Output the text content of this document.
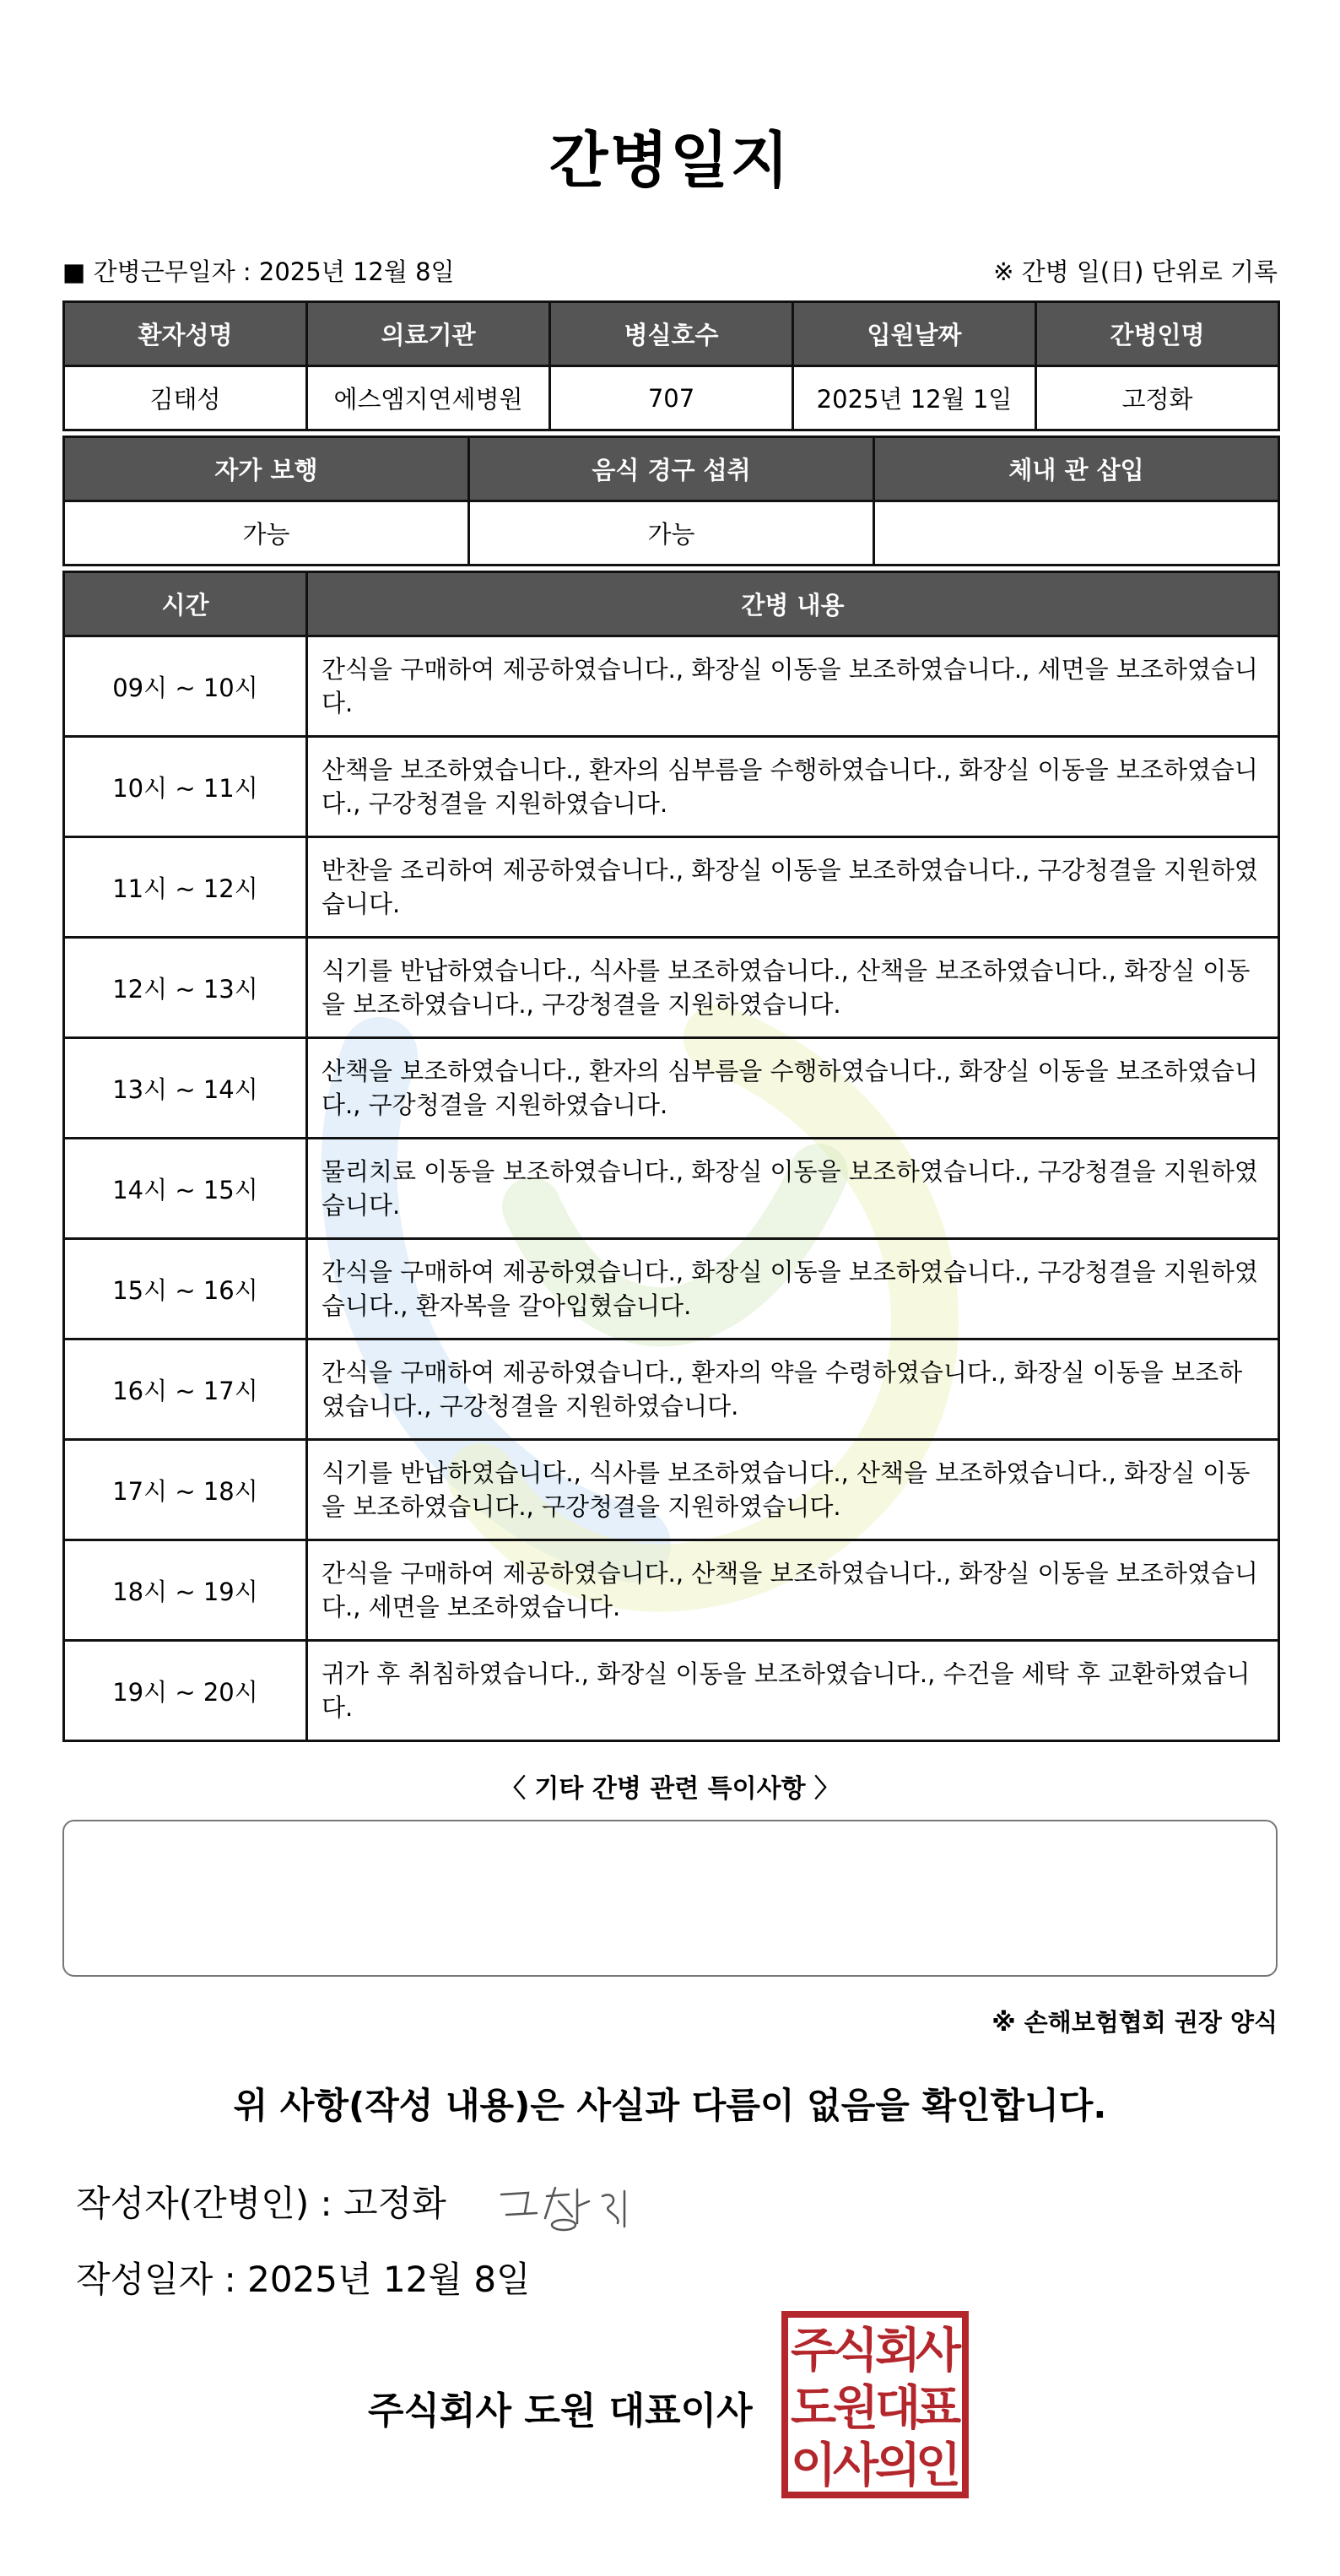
간병일지
■ 간병근무일자 : 2025년 12월 8일	※ 간병 일(日) 단위로 기록
환자성명	의료기관	병실호수	입원날짜	간병인명
김태성	에스엠지연세병원	707	2025년 12월 1일	고정화
자가 보행	음식 경구 섭취	체내 관 삽입
가능	가능	
시간	간병 내용
09시 ~ 10시	간식을 구매하여 제공하였습니다., 화장실 이동을 보조하였습니다., 세면을 보조하였습니다.
10시 ~ 11시	산책을 보조하였습니다., 환자의 심부름을 수행하였습니다., 화장실 이동을 보조하였습니다., 구강청결을 지원하였습니다.
11시 ~ 12시	반찬을 조리하여 제공하였습니다., 화장실 이동을 보조하였습니다., 구강청결을 지원하였습니다.
12시 ~ 13시	식기를 반납하였습니다., 식사를 보조하였습니다., 산책을 보조하였습니다., 화장실 이동을 보조하였습니다., 구강청결을 지원하였습니다.
13시 ~ 14시	산책을 보조하였습니다., 환자의 심부름을 수행하였습니다., 화장실 이동을 보조하였습니다., 구강청결을 지원하였습니다.
14시 ~ 15시	물리치료 이동을 보조하였습니다., 화장실 이동을 보조하였습니다., 구강청결을 지원하였습니다.
15시 ~ 16시	간식을 구매하여 제공하였습니다., 화장실 이동을 보조하였습니다., 구강청결을 지원하였습니다., 환자복을 갈아입혔습니다.
16시 ~ 17시	간식을 구매하여 제공하였습니다., 환자의 약을 수령하였습니다., 화장실 이동을 보조하였습니다., 구강청결을 지원하였습니다.
17시 ~ 18시	식기를 반납하였습니다., 식사를 보조하였습니다., 산책을 보조하였습니다., 화장실 이동을 보조하였습니다., 구강청결을 지원하였습니다.
18시 ~ 19시	간식을 구매하여 제공하였습니다., 산책을 보조하였습니다., 화장실 이동을 보조하였습니다., 세면을 보조하였습니다.
19시 ~ 20시	귀가 후 취침하였습니다., 화장실 이동을 보조하였습니다., 수건을 세탁 후 교환하였습니다.
〈 기타 간병 관련 특이사항 〉
※ 손해보험협회 권장 양식
위 사항(작성 내용)은 사실과 다름이 없음을 확인합니다.
작성자(간병인) : 고정화
작성일자 : 2025년 12월 8일
주식회사 도원 대표이사
주
식
회
사
도
원
대
표
이
사
의
인
